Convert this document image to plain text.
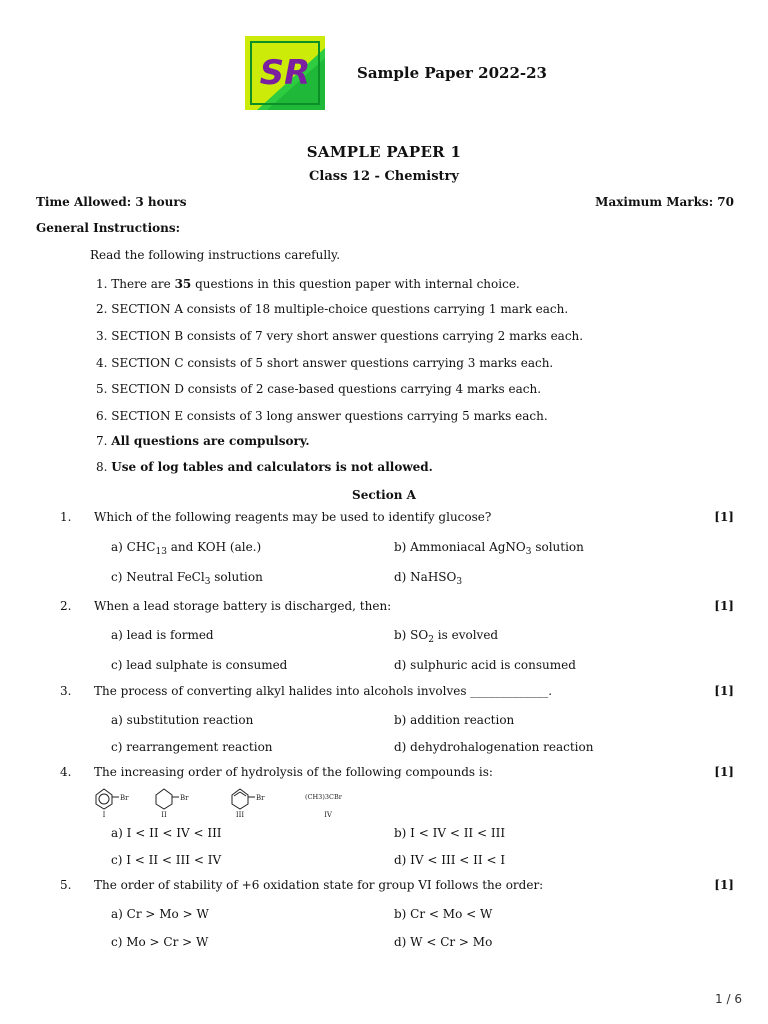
SR	Sample Paper 2022-23
SAMPLE PAPER 1
Class 12 - Chemistry
Time Allowed: 3 hours	Maximum Marks: 70
General Instructions:
Read the following instructions carefully.
1. There are 35 questions in this question paper with internal choice.
2. SECTION A consists of 18 multiple-choice questions carrying 1 mark each.
3. SECTION B consists of 7 very short answer questions carrying 2 marks each.
4. SECTION C consists of 5 short answer questions carrying 3 marks each.
5. SECTION D consists of 2 case-based questions carrying 4 marks each.
6. SECTION E consists of 3 long answer questions carrying 5 marks each.
7. All questions are compulsory.
8. Use of log tables and calculators is not allowed.
Section A
1. Which of the following reagents may be used to identify glucose?	[1]
a) $CHC_{13}$ and KOH (ale.)	b) Ammoniacal AgNO$_3$ solution
c) Neutral FeCl$_3$ solution	d) NaHSO$_3$
2. When a lead storage battery is discharged, then:	[1]
a) lead is formed	b) $SO_2$ is evolved
c) lead sulphate is consumed	d) sulphuric acid is consumed
3. The process of converting alkyl halides into alcohols involves _____________.	[1]
a) substitution reaction	b) addition reaction
c) rearrangement reaction	d) dehydrohalogenation reaction
4. The increasing order of hydrolysis of the following compounds is:	[1]
Br
I
Br
II
Br
III
(CH3)3CBr
IV
a) I < II < IV < III	b) I < IV < II < III
c) I < II < III < IV	d) IV < III < II < I
5. The order of stability of +6 oxidation state for group VI follows the order:	[1]
a) Cr > Mo > W	b) Cr < Mo < W
c) Mo > Cr > W	d) W < Cr > Mo
1 / 6
